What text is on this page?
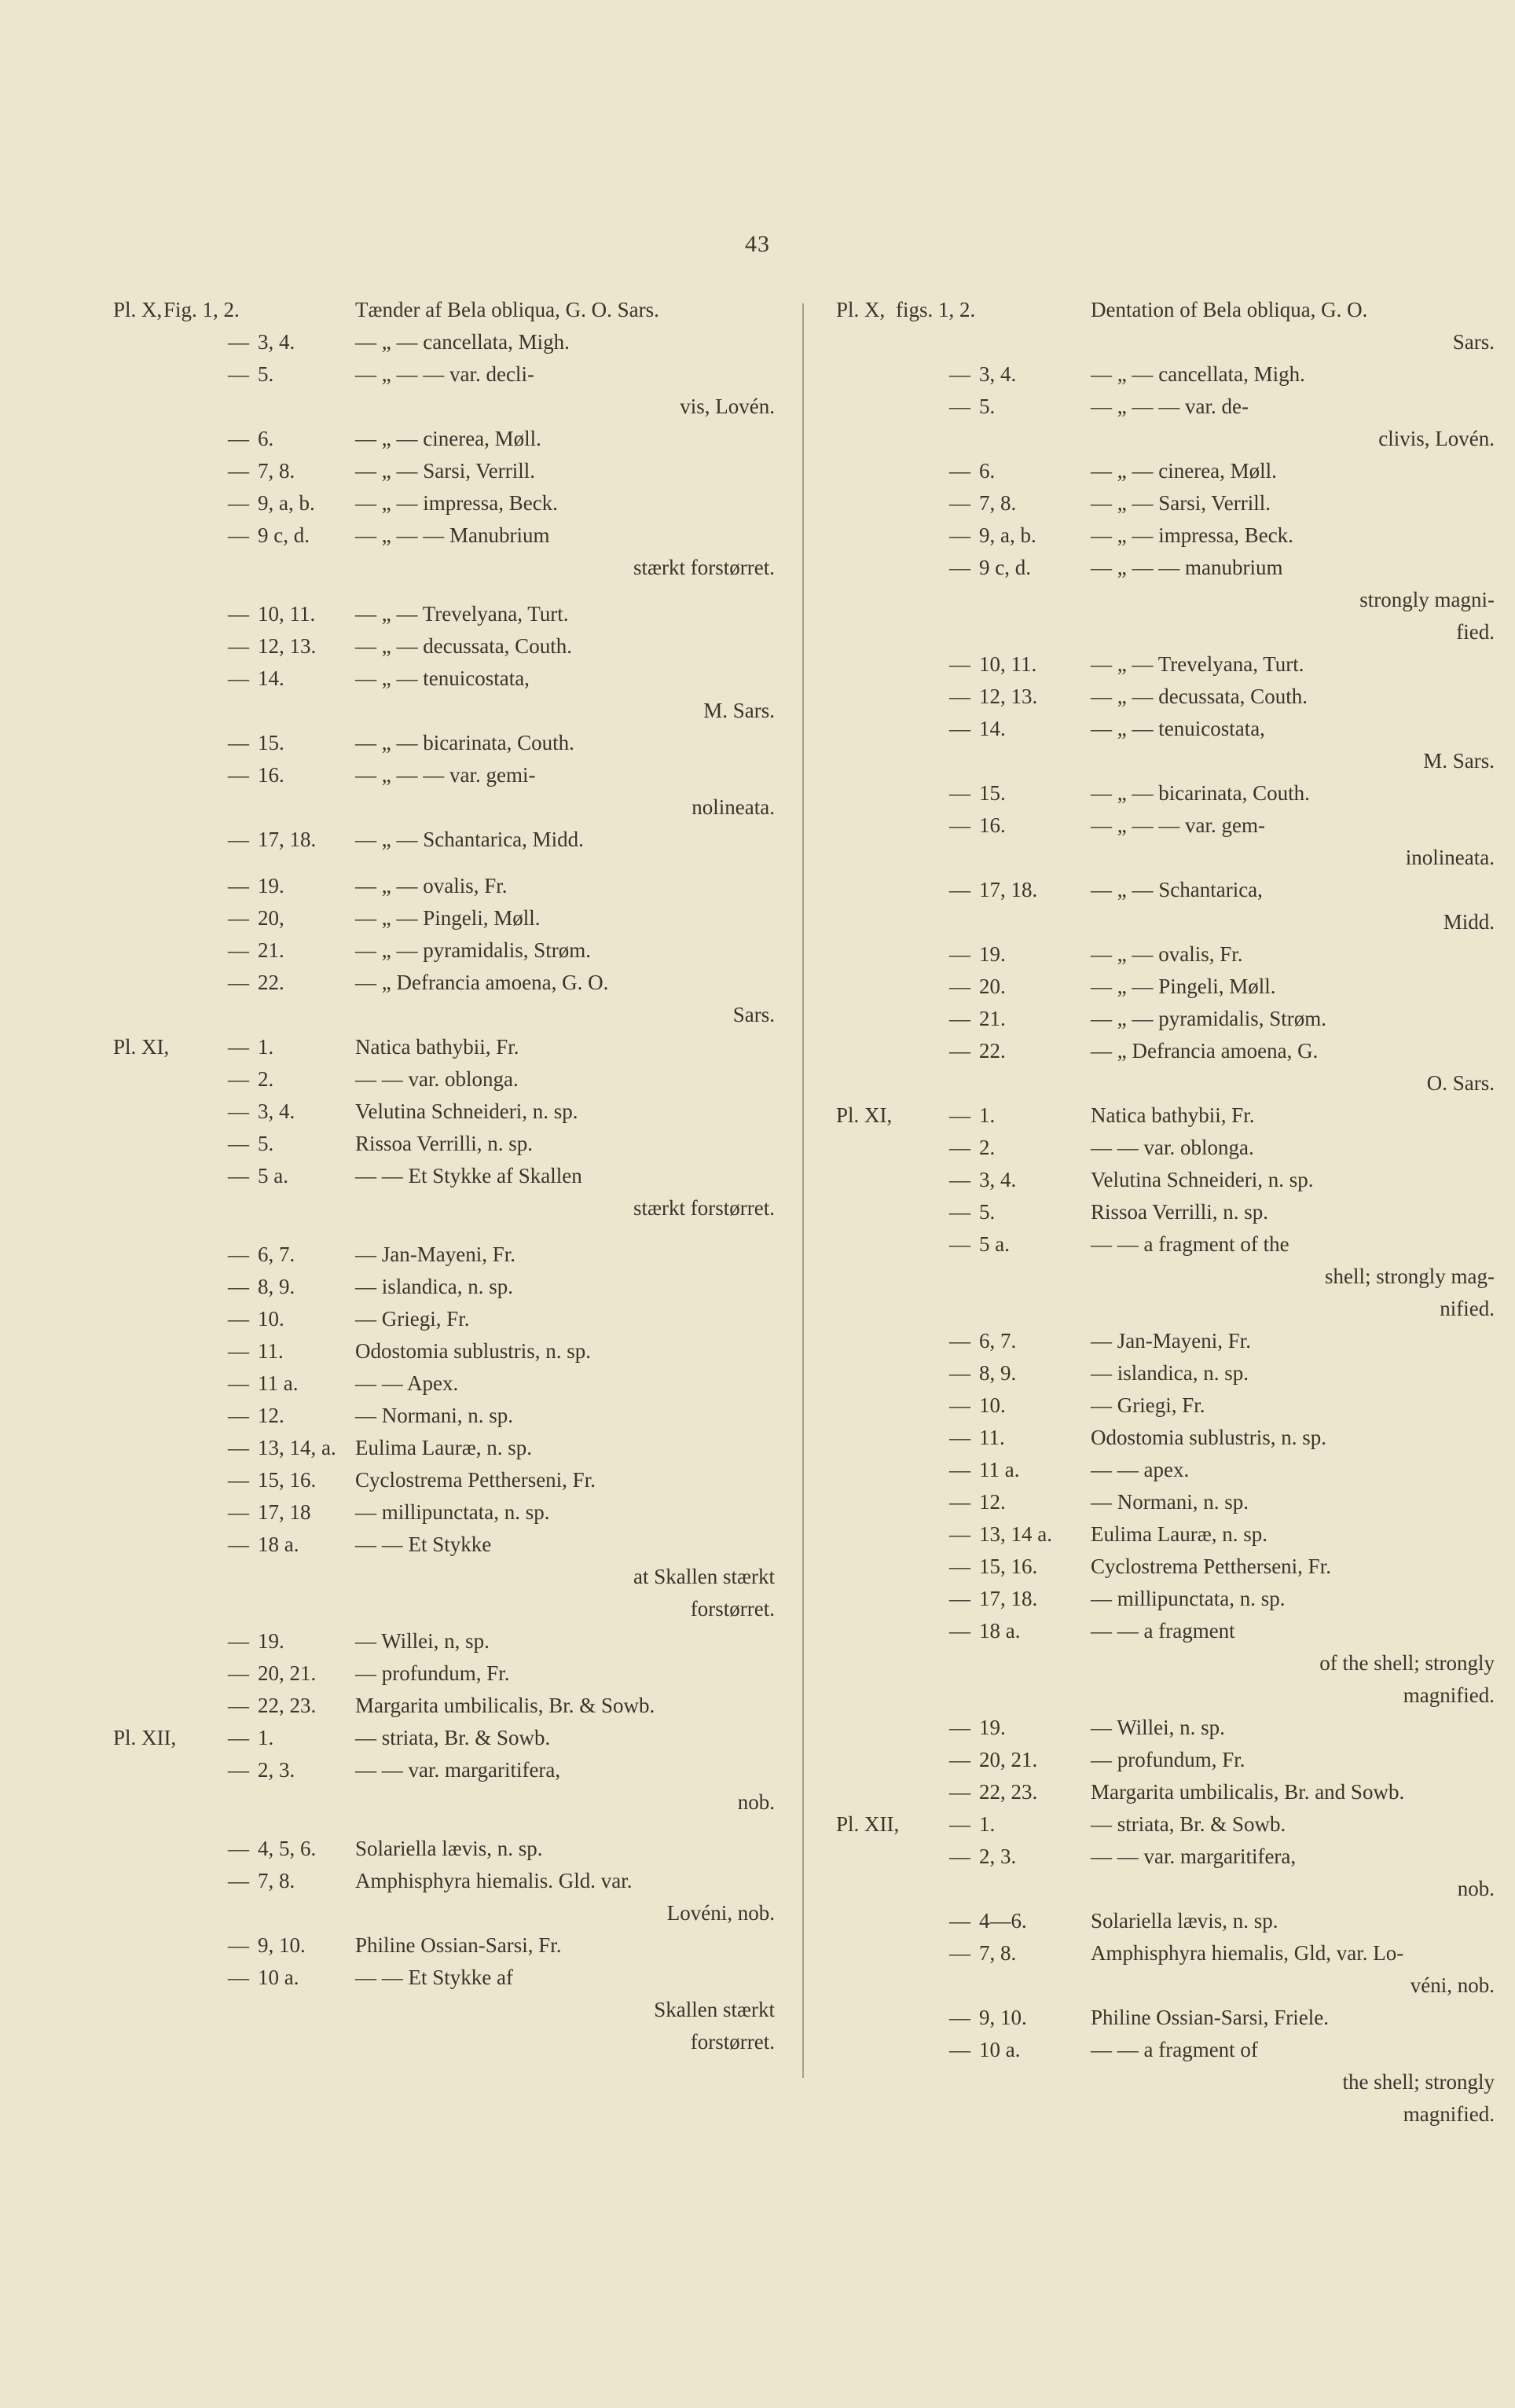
43
Pl. X, Fig. 1, 2.	Tænder af Bela obliqua, G. O. Sars.
— 3, 4.	— „ — cancellata, Migh.
— 5.	— „ — — var. decli-
vis, Lovén.
— 6.	— „ — cinerea, Møll.
— 7, 8.	— „ — Sarsi, Verrill.
— 9, a, b. — „ — impressa, Beck.
— 9 c, d. — „ — — Manubrium
stærkt forstørret.
— 10, 11. — „ — Trevelyana, Turt.
— 12, 13. — „ — decussata, Couth.
— 14.	— „ — tenuicostata,
M. Sars.
— 15.	— „ — bicarinata, Couth.
— 16.	— „ — — var. gemi-
nolineata.
— 17, 18. — „ — Schantarica, Midd.
— 19.	— „ — ovalis, Fr.
— 20,	— „ — Pingeli, Møll.
— 21.	— „ — pyramidalis, Strøm.
— 22.	— „ Defrancia amoena, G. O.
Sars.
Pl. XI,	— 1.	Natica bathybii, Fr.
— 2.	— — var. oblonga.
— 3, 4.	Velutina Schneideri, n. sp.
— 5.	Rissoa Verrilli, n. sp.
— 5 a.	— — Et Stykke af Skallen
stærkt forstørret.
— 6, 7.	— Jan-Mayeni, Fr.
— 8, 9.	— islandica, n. sp.
— 10.	— Griegi, Fr.
— 11.	Odostomia sublustris, n. sp.
— 11 a.	— — Apex.
— 12.	— Normani, n. sp.
— 13, 14, a. Eulima Lauræ, n. sp.
— 15, 16. Cyclostrema Pettherseni, Fr.
— 17, 18 — millipunctata, n. sp.
— 18 a.	— — Et Stykke
at Skallen stærkt
forstørret.
— 19.	— Willei, n, sp.
— 20, 21. — profundum, Fr.
— 22, 23. Margarita umbilicalis, Br. & Sowb.
Pl. XII, — 1.	— striata, Br. & Sowb.
— 2, 3.	— — var. margaritifera,
nob.
— 4, 5, 6. Solariella lævis, n. sp.
— 7, 8.	Amphisphyra hiemalis. Gld. var.
Lovéni, nob.
— 9, 10. Philine Ossian-Sarsi, Fr.
— 10 a.	— — Et Stykke af
Skallen stærkt
forstørret.
Pl. X, figs. 1, 2.	Dentation of Bela obliqua, G. O.
Sars.
— 3, 4.	— „ — cancellata, Migh.
— 5.	— „ — — var. de-
clivis, Lovén.
— 6.	— „ — cinerea, Møll.
— 7, 8.	— „ — Sarsi, Verrill.
— 9, a, b.	— „ — impressa, Beck.
— 9 c, d.	— „ — — manubrium
strongly magni-
fied.
— 10, 11.	— „ — Trevelyana, Turt.
— 12, 13.	— „ — decussata, Couth.
— 14.	— „ — tenuicostata,
M. Sars.
— 15.	— „ — bicarinata, Couth.
— 16.	— „ — — var. gem-
inolineata.
— 17, 18.	— „ — Schantarica,
Midd.
— 19.	— „ — ovalis, Fr.
— 20.	— „ — Pingeli, Møll.
— 21.	— „ — pyramidalis, Strøm.
— 22.	— „ Defrancia amoena, G.
O. Sars.
Pl. XI,	— 1.	Natica bathybii, Fr.
— 2.	— — var. oblonga.
— 3, 4.	Velutina Schneideri, n. sp.
— 5.	Rissoa Verrilli, n. sp.
— 5 a.	— — a fragment of the
shell; strongly mag-
nified.
— 6, 7.	— Jan-Mayeni, Fr.
— 8, 9.	— islandica, n. sp.
— 10.	— Griegi, Fr.
— 11.	Odostomia sublustris, n. sp.
— 11 a.	— — apex.
— 12.	— Normani, n. sp.
— 13, 14 a. Eulima Lauræ, n. sp.
— 15, 16.	Cyclostrema Pettherseni, Fr.
— 17, 18.	— millipunctata, n. sp.
— 18 a.	— — a fragment
of the shell; strongly
magnified.
— 19.	— Willei, n. sp.
— 20, 21.	— profundum, Fr.
— 22, 23.	Margarita umbilicalis, Br. and Sowb.
Pl. XII, — 1.	— striata, Br. & Sowb.
— 2, 3.	— — var. margaritifera,
nob.
— 4—6.	Solariella lævis, n. sp.
— 7, 8.	Amphisphyra hiemalis, Gld, var. Lo-
véni, nob.
— 9, 10.	Philine Ossian-Sarsi, Friele.
— 10 a.	— — a fragment of
the shell; strongly
magnified.
